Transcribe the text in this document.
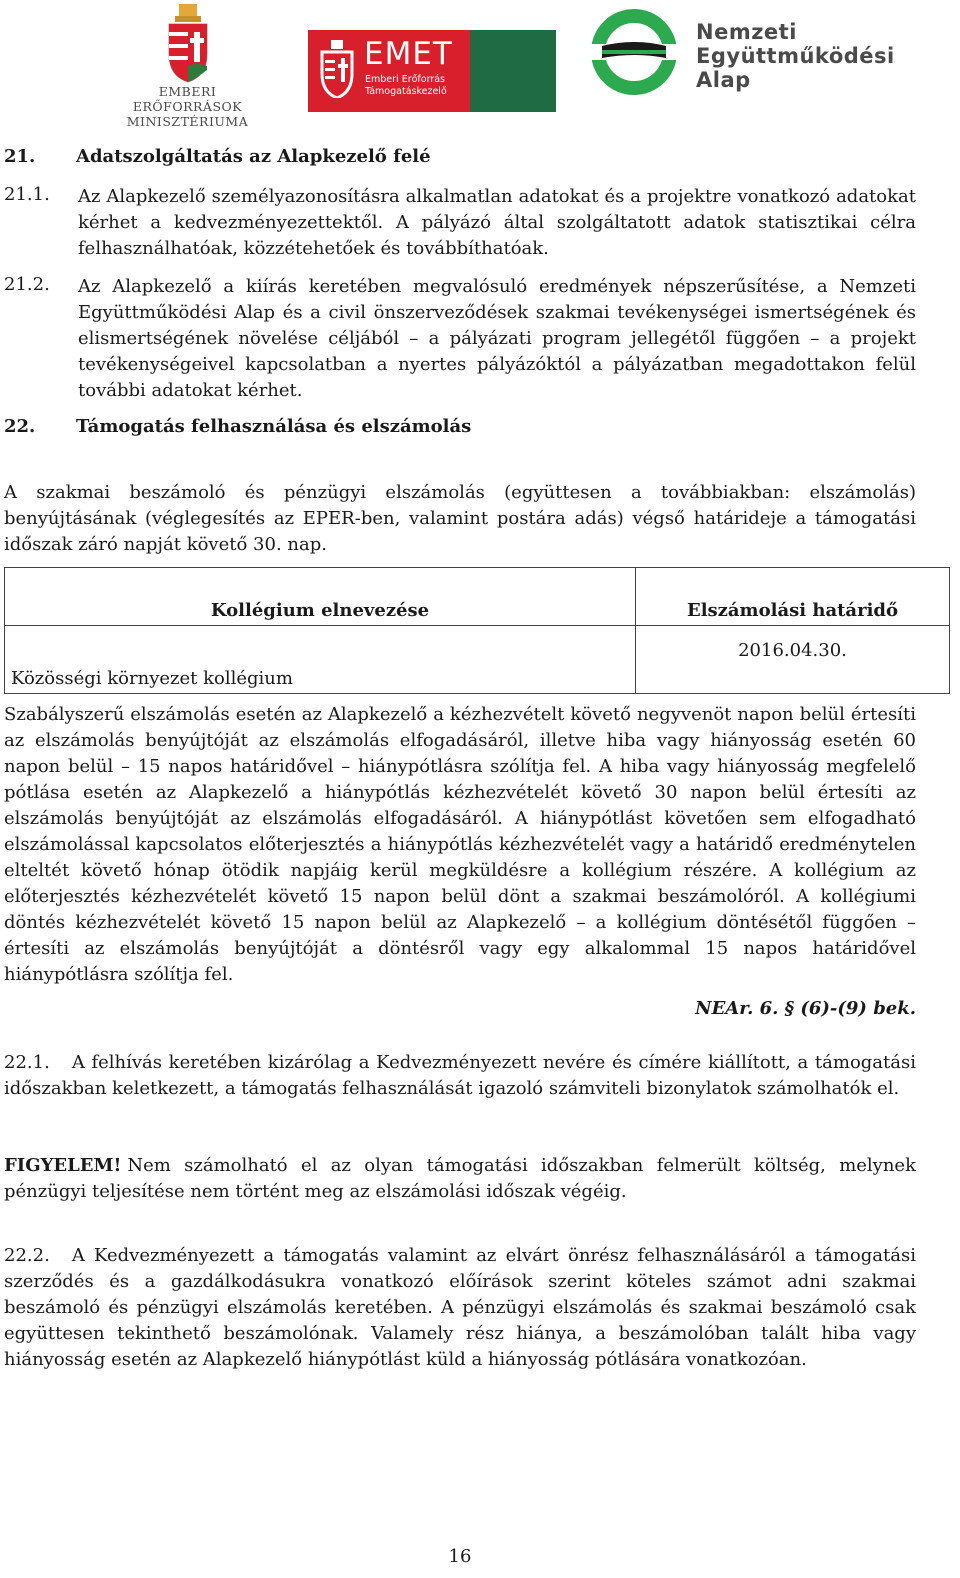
EMBERI ERŐFORRÁSOK
MINISZTÉRIUMA
EMET
Emberi Erőforrás
Támogatáskezelő
Nemzeti
Együttműködési
Alap
21. Adatszolgáltatás az Alapkezelő felé
21.1. Az Alapkezelő személyazonosításra alkalmatlan adatokat és a projektre vonatkozó adatokat kérhet a kedvezményezettektől. A pályázó által szolgáltatott adatok statisztikai célra felhasználhatóak, közzétehetőek és továbbíthatóak.
21.2. Az Alapkezelő a kiírás keretében megvalósuló eredmények népszerűsítése, a Nemzeti Együttműködési Alap és a civil önszerveződések szakmai tevékenységei ismertségének és elismertségének növelése céljából – a pályázati program jellegétől függően – a projekt tevékenységeivel kapcsolatban a nyertes pályázóktól a pályázatban megadottakon felül további adatokat kérhet.
22. Támogatás felhasználása és elszámolás
A szakmai beszámoló és pénzügyi elszámolás (együttesen a továbbiakban: elszámolás) benyújtásának (véglegesítés az EPER-ben, valamint postára adás) végső határideje a támogatási időszak záró napját követő 30. nap.
Kollégium elnevezése	Elszámolási határidő
Közösségi környezet kollégium	2016.04.30.
Szabályszerű elszámolás esetén az Alapkezelő a kézhezvételt követő negyvenöt napon belül értesíti az elszámolás benyújtóját az elszámolás elfogadásáról, illetve hiba vagy hiányosság esetén 60 napon belül – 15 napos határidővel – hiánypótlásra szólítja fel. A hiba vagy hiányosság megfelelő pótlása esetén az Alapkezelő a hiánypótlás kézhezvételét követő 30 napon belül értesíti az elszámolás benyújtóját az elszámolás elfogadásáról. A hiánypótlást követően sem elfogadható elszámolással kapcsolatos előterjesztés a hiánypótlás kézhezvételét vagy a határidő eredménytelen elteltét követő hónap ötödik napjáig kerül megküldésre a kollégium részére. A kollégium az előterjesztés kézhezvételét követő 15 napon belül dönt a szakmai beszámolóról. A kollégiumi döntés kézhezvételét követő 15 napon belül az Alapkezelő – a kollégium döntésétől függően –értesíti az elszámolás benyújtóját a döntésről vagy egy alkalommal 15 napos határidővel hiánypótlásra szólítja fel.
NEAr. 6. § (6)-(9) bek.
22.1. A felhívás keretében kizárólag a Kedvezményezett nevére és címére kiállított, a támogatási időszakban keletkezett, a támogatás felhasználását igazoló számviteli bizonylatok számolhatók el.
FIGYELEM! Nem számolható el az olyan támogatási időszakban felmerült költség, melynek pénzügyi teljesítése nem történt meg az elszámolási időszak végéig.
22.2. A Kedvezményezett a támogatás valamint az elvárt önrész felhasználásáról a támogatási szerződés és a gazdálkodásukra vonatkozó előírások szerint köteles számot adni szakmai beszámoló és pénzügyi elszámolás keretében. A pénzügyi elszámolás és szakmai beszámoló csak együttesen tekinthető beszámolónak. Valamely rész hiánya, a beszámolóban talált hiba vagy hiányosság esetén az Alapkezelő hiánypótlást küld a hiányosság pótlására vonatkozóan.
16
